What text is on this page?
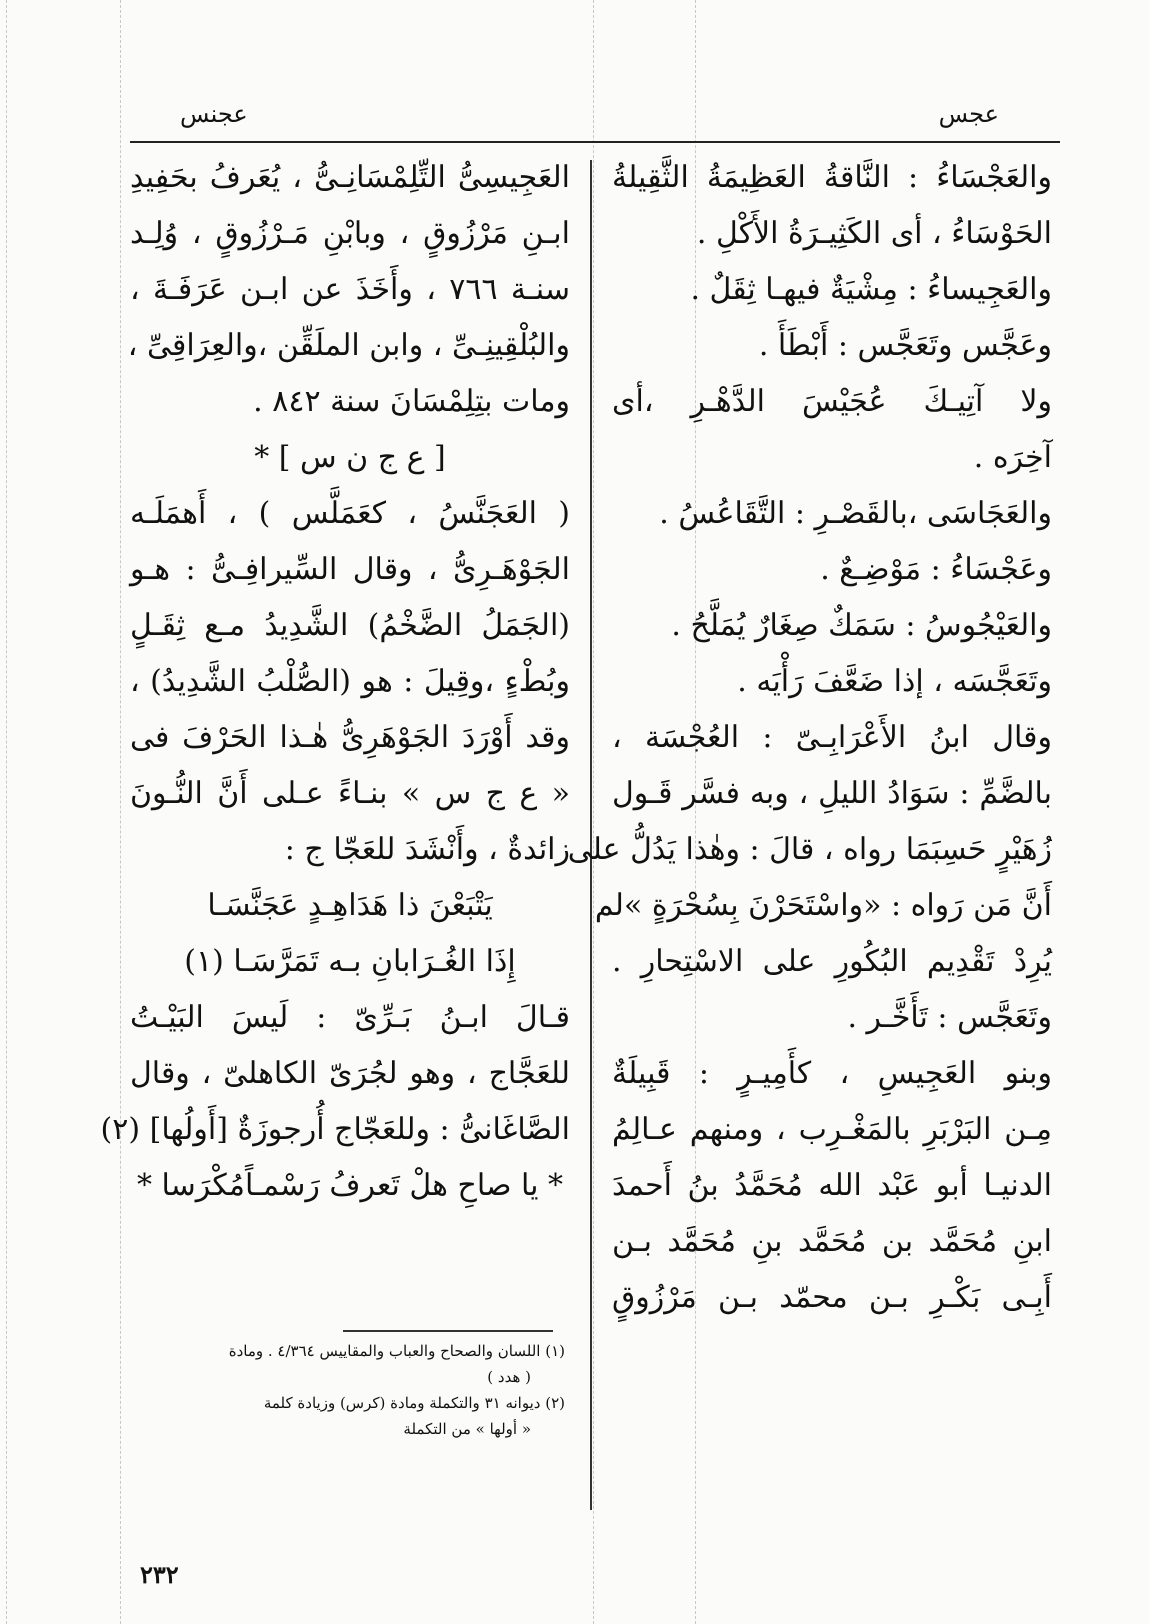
عجس
عجنس
والعَجْسَاءُ : النَّاقةُ العَظِيمَةُ الثَّقِيلةُ
الحَوْسَاءُ ، أى الكَثِيـرَةُ الأَكْلِ .
والعَجِيساءُ : مِشْيَةٌ فيهـا ثِقَلٌ .
وعَجَّس وتَعَجَّس : أَبْطَأَ .
ولا آتِيـكَ عُجَيْسَ الدَّهْـرِ ،أى
آخِرَه .
والعَجَاسَى ،بالقَصْـرِ : التَّقَاعُسُ .
وعَجْسَاءُ : مَوْضِـعٌ .
والعَيْجُوسُ : سَمَكٌ صِغَارٌ يُمَلَّحُ .
وتَعَجَّسَه ، إذا ضَعَّفَ رَأْيَه .
وقال ابنُ الأَعْرَابِـىّ : العُجْسَة ،
بالضَّمِّ : سَوَادُ الليلِ ، وبه فسَّر قَـول
زُهَيْرٍ حَسِبَمَا رواه ، قالَ : وهٰذا يَدُلُّ على
أَنَّ مَن رَواه : «واسْتَحَرْنَ بِسُحْرَةٍ »لم
يُرِدْ تَقْدِيم البُكُورِ على الاسْتِحارِ .
وتَعَجَّس : تَأَخَّـر .
وبنو العَجِيسِ ، كأَمِيـرٍ : قَبِيلَةٌ
مِـن البَرْبَرِ بالمَغْـرِب ، ومنهم عـالِمُ
الدنيـا أبو عَبْد الله مُحَمَّدُ بنُ أَحمدَ
ابنِ مُحَمَّد بن مُحَمَّد بنِ مُحَمَّد بـن
أَبِـى بَكْـرِ بـن محمّد بـن مَرْزُوقٍ
العَجِيسِىُّ التِّلِمْسَانِـىُّ ، يُعَرفُ بحَفِيدِ
ابـنِ مَرْزُوقٍ ، وبابْنِ مَـرْزُوقٍ ، وُلِـد
سنـة ٧٦٦ ، وأَخَذَ عن ابـن عَرَفَـةَ ،
والبُلْقِينِـىِّ ، وابن الملَقِّن ،والعِرَاقِىِّ ،
ومات بتِلِمْسَانَ سنة ٨٤٢ .
[ ع ج ن س ] *
( العَجَنَّسُ ، كعَمَلَّس ) ، أَهمَلَـه
الجَوْهَـرِىُّ ، وقال السِّيرافِـىُّ : هـو
(الجَمَلُ الضَّخْمُ) الشَّدِيدُ مـع ثِقَـلٍ
وبُطْءٍ ،وقِيلَ : هو (الصُّلْبُ الشَّدِيدُ) ،
وقد أَوْرَدَ الجَوْهَرِىُّ هٰـذا الحَرْفَ فى
« ع ج س » بنـاءً عـلى أَنَّ النُّـونَ
زائدةٌ ، وأَنْشَدَ للعَجّا ج :
يَتْبَعْنَ ذا هَدَاهِـدٍ عَجَنَّسَـا
إِذَا الغُـرَابانِ بـه تَمَرَّسَـا (١)
قـالَ ابـنُ بَـرِّىّ : لَيسَ البَيْـتُ
للعَجَّاج ، وهو لجُرَىّ الكاهلىّ ، وقال
الصَّاغَانىُّ : وللعَجّاج أُرجوزَةٌ [أَولُها] (٢)
* يا صاحِ هلْ تَعرفُ رَسْمـاًمُكْرَسا *
(١) اللسان والصحاح والعباب والمقاييس ٤/٣٦٤ . ومادة
( هدد )
(٢) ديوانه ٣١ والتكملة ومادة (كرس) وزيادة كلمة
« أولها » من التكملة
٢٣٢
